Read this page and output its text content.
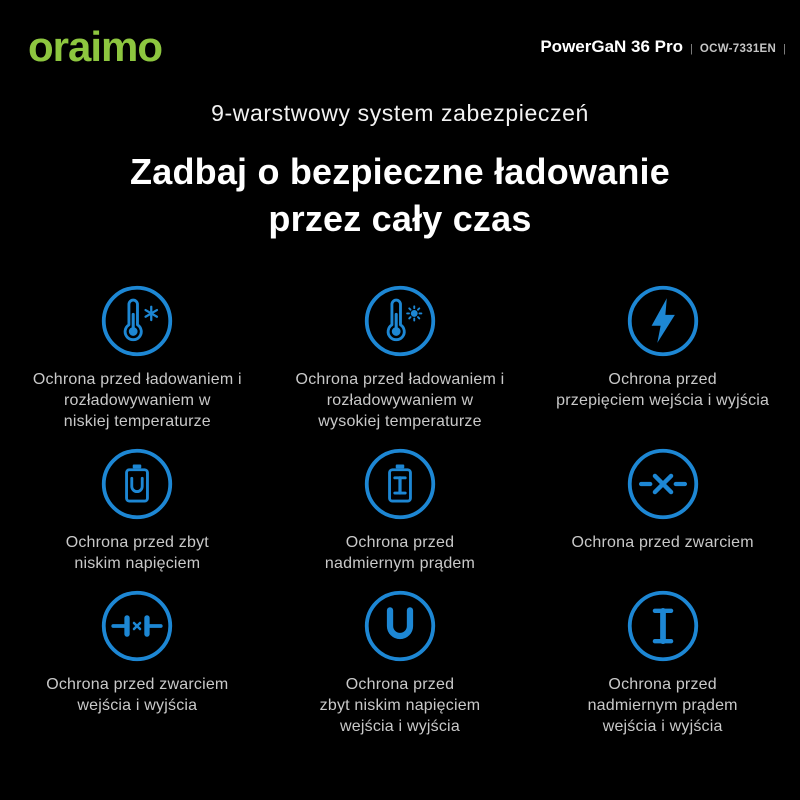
oraimo	PowerGaN 36 Pro | OCW-7331EN |
9-warstwowy system zabezpieczeń
Zadbaj o bezpieczne ładowanie
przez cały czas
Ochrona przed ładowaniem i
rozładowywaniem w
niskiej temperaturze
Ochrona przed ładowaniem i
rozładowywaniem w
wysokiej temperaturze
Ochrona przed
przepięciem wejścia i wyjścia
Ochrona przed zbyt
niskim napięciem
Ochrona przed
nadmiernym prądem
Ochrona przed zwarciem
Ochrona przed zwarciem
wejścia i wyjścia
Ochrona przed
zbyt niskim napięciem
wejścia i wyjścia
Ochrona przed
nadmiernym prądem
wejścia i wyjścia
